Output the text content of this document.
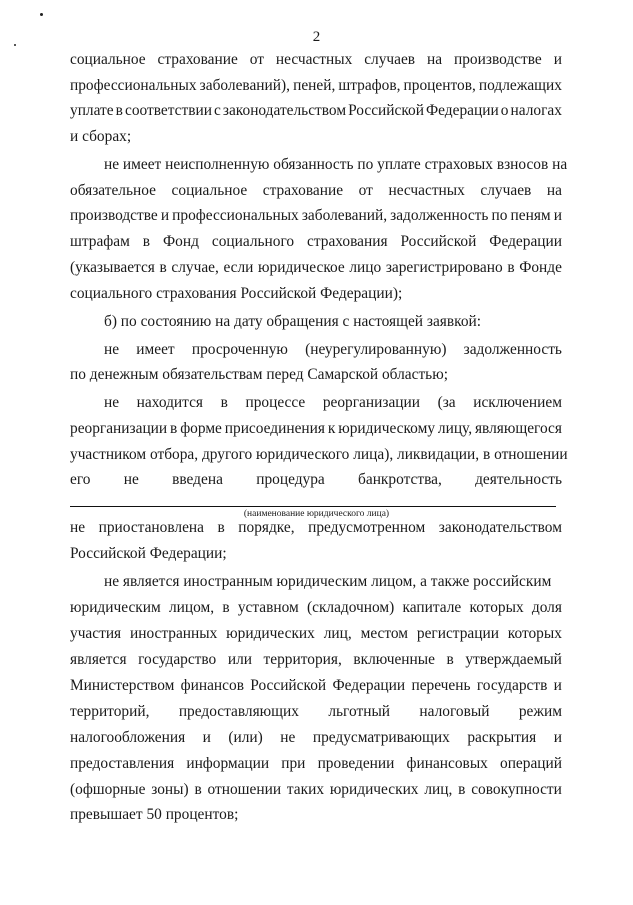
2
социальное страхование от несчастных случаев на производстве и
профессиональных заболеваний), пеней, штрафов, процентов, подлежащих
уплате в соответствии с законодательством Российской Федерации о налогах
и сборах;
не имеет неисполненную обязанность по уплате страховых взносов на
обязательное социальное страхование от несчастных случаев на
производстве и профессиональных заболеваний, задолженность по пеням и
штрафам в Фонд социального страхования Российской Федерации
(указывается в случае, если юридическое лицо зарегистрировано в Фонде
социального страхования Российской Федерации);
б) по состоянию на дату обращения с настоящей заявкой:
не имеет просроченную (неурегулированную) задолженность
по денежным обязательствам перед Самарской областью;
не находится в процессе реорганизации (за исключением
реорганизации в форме присоединения к юридическому лицу, являющегося
участником отбора, другого юридического лица), ликвидации, в отношении
его не введена процедура банкротства, деятельность
не приостановлена в порядке, предусмотренном законодательством
Российской Федерации;
не является иностранным юридическим лицом, а также российским
юридическим лицом, в уставном (складочном) капитале которых доля
участия иностранных юридических лиц, местом регистрации которых
является государство или территория, включенные в утверждаемый
Министерством финансов Российской Федерации перечень государств и
территорий, предоставляющих льготный налоговый режим
налогообложения и (или) не предусматривающих раскрытия и
предоставления информации при проведении финансовых операций
(офшорные зоны) в отношении таких юридических лиц, в совокупности
превышает 50 процентов;
(наименование юридического лица)
